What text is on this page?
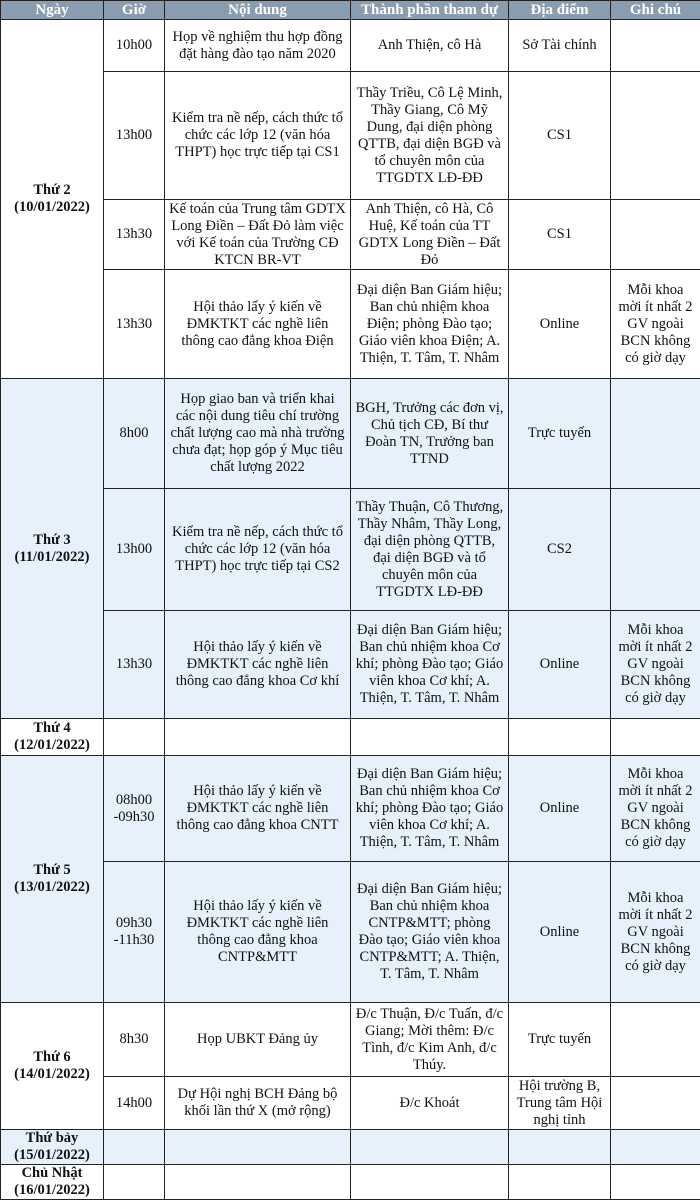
Ngày	Giờ	Nội dung	Thành phần tham dự	Địa điểm	Ghi chú

Thứ 2
(10/01/2022)	10h00	Họp về nghiệm thu hợp đồng đặt hàng đào tạo năm 2020	Anh Thiện, cô Hà	Sở Tài chính	
	13h00	Kiểm tra nề nếp, cách thức tổ chức các lớp 12 (văn hóa THPT) học trực tiếp tại CS1	Thầy Triều, Cô Lệ Minh, Thầy Giang, Cô Mỹ Dung, đại diện phòng QTTB, đại diện BGĐ và tổ chuyên môn của TTGDTX LĐ-ĐĐ	CS1	
	13h30	Kế toán của Trung tâm GDTX Long Điền – Đất Đỏ làm việc với Kế toán của Trường CĐ KTCN BR-VT	Anh Thiện, cô Hà, Cô Huệ, Kế toán của TT GDTX Long Điền – Đất Đỏ	CS1	
	13h30	Hội thảo lấy ý kiến về ĐMKTKT các nghề liên thông cao đẳng khoa Điện	Đại diện Ban Giám hiệu; Ban chủ nhiệm khoa Điện; phòng Đào tạo; Giáo viên khoa Điện; A. Thiện, T. Tâm, T. Nhâm	Online	Mỗi khoa mời ít nhất 2 GV ngoài BCN không có giờ dạy

Thứ 3
(11/01/2022)	8h00	Họp giao ban và triển khai các nội dung tiêu chí trường chất lượng cao mà nhà trường chưa đạt; họp góp ý Mục tiêu chất lượng 2022	BGH, Trưởng các đơn vị, Chủ tịch CĐ, Bí thư Đoàn TN, Trưởng ban TTND	Trực tuyến	
	13h00	Kiểm tra nề nếp, cách thức tổ chức các lớp 12 (văn hóa THPT) học trực tiếp tại CS2	Thầy Thuận, Cô Thương, Thầy Nhâm, Thầy Long, đại diện phòng QTTB, đại diện BGĐ và tổ chuyên môn của TTGDTX LĐ-ĐĐ	CS2	
	13h30	Hội thảo lấy ý kiến về ĐMKTKT các nghề liên thông cao đẳng khoa Cơ khí	Đại diện Ban Giám hiệu; Ban chủ nhiệm khoa Cơ khí; phòng Đào tạo; Giáo viên khoa Cơ khí; A. Thiện, T. Tâm, T. Nhâm	Online	Mỗi khoa mời ít nhất 2 GV ngoài BCN không có giờ dạy

Thứ 4
(12/01/2022)					

Thứ 5
(13/01/2022)	08h00 -09h30	Hội thảo lấy ý kiến về ĐMKTKT các nghề liên thông cao đẳng khoa CNTT	Đại diện Ban Giám hiệu; Ban chủ nhiệm khoa Cơ khí; phòng Đào tạo; Giáo viên khoa Cơ khí; A. Thiện, T. Tâm, T. Nhâm	Online	Mỗi khoa mời ít nhất 2 GV ngoài BCN không có giờ dạy
	09h30 -11h30	Hội thảo lấy ý kiến về ĐMKTKT các nghề liên thông cao đẳng khoa CNTP&MTT	Đại diện Ban Giám hiệu; Ban chủ nhiệm khoa CNTP&MTT; phòng Đào tạo; Giáo viên khoa CNTP&MTT; A. Thiện, T. Tâm, T. Nhâm	Online	Mỗi khoa mời ít nhất 2 GV ngoài BCN không có giờ dạy

Thứ 6
(14/01/2022)	8h30	Họp UBKT Đảng ủy	Đ/c Thuận, Đ/c Tuấn, đ/c Giang; Mời thêm: Đ/c Tình, đ/c Kim Anh, đ/c Thúy.	Trực tuyến	
	14h00	Dự Hội nghị BCH Đảng bộ khối lần thứ X (mở rộng)	Đ/c Khoát	Hội trường B, Trung tâm Hội nghị tỉnh	

Thứ bảy
(15/01/2022)					

Chủ Nhật
(16/01/2022)					
